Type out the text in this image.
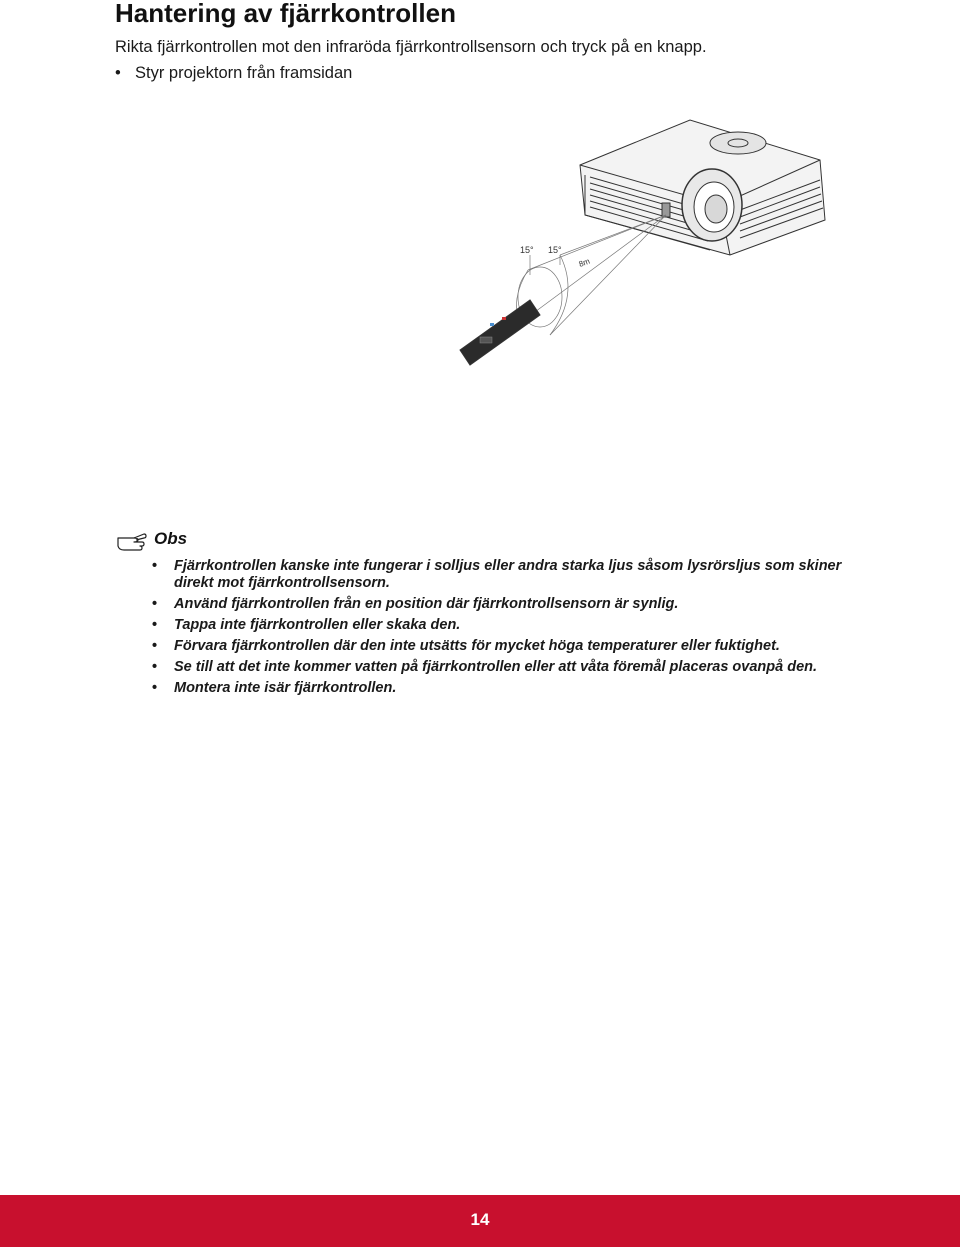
Hantering av fjärrkontrollen

Rikta fjärrkontrollen mot den infraröda fjärrkontrollsensorn och tryck på en knapp.

• Styr projektorn från framsidan
15° 15°
8m
Obs
• Fjärrkontrollen kanske inte fungerar i solljus eller andra starka ljus såsom lysrörsljus som skiner direkt mot fjärrkontrollsensorn.
• Använd fjärrkontrollen från en position där fjärrkontrollsensorn är synlig.
• Tappa inte fjärrkontrollen eller skaka den.
• Förvara fjärrkontrollen där den inte utsätts för mycket höga temperaturer eller fuktighet.
• Se till att det inte kommer vatten på fjärrkontrollen eller att våta föremål placeras ovanpå den.
• Montera inte isär fjärrkontrollen.
14
